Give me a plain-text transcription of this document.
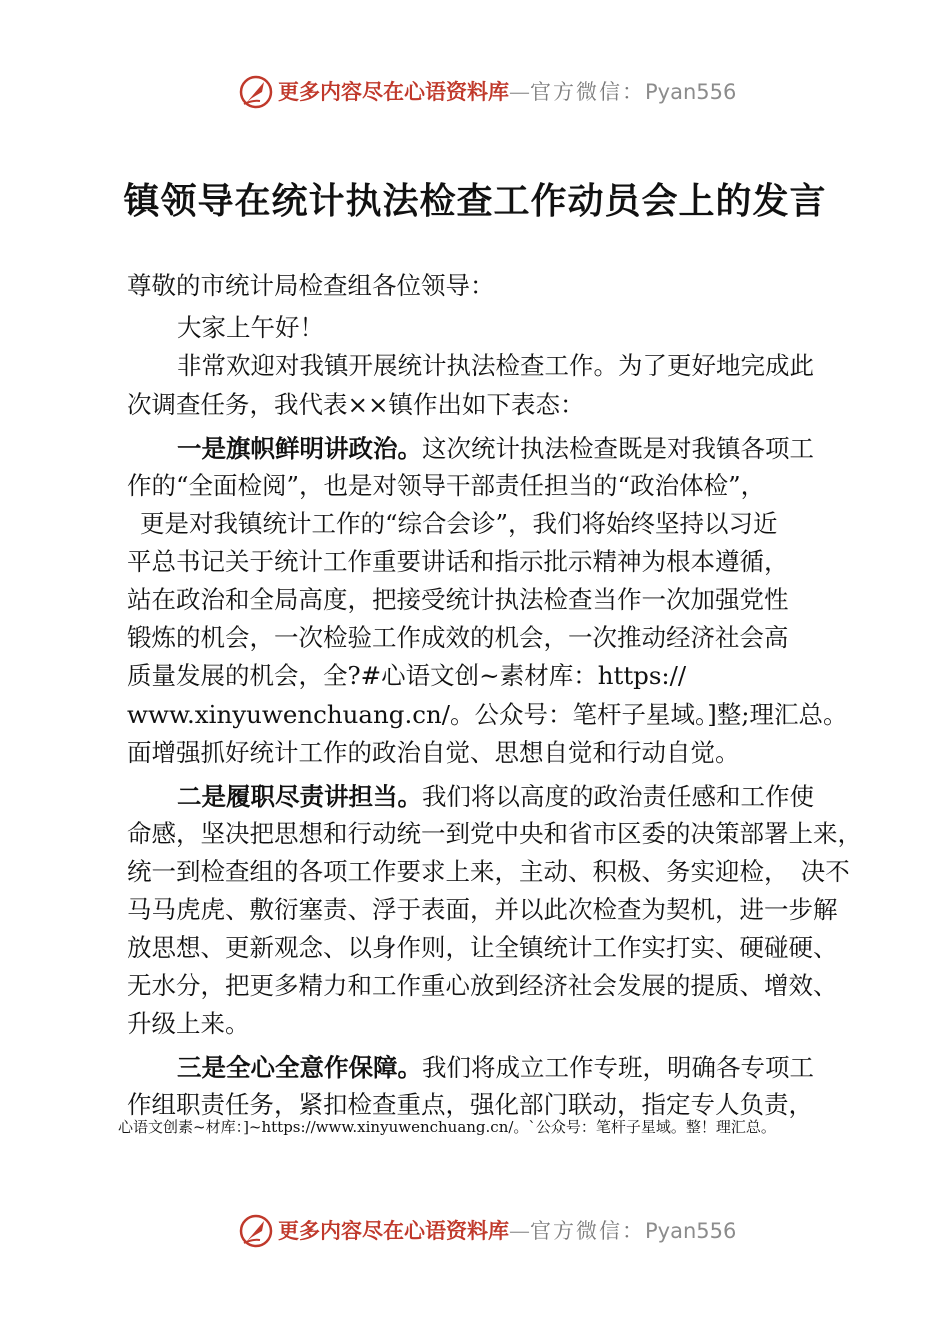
更多内容尽在心语资料库—官方微信：Pyan556
镇领导在统计执法检查工作动员会上的发言
尊敬的市统计局检查组各位领导：
大家上午好！
非常欢迎对我镇开展统计执法检查工作。为了更好地完成此
次调查任务，我代表××镇作出如下表态：
一是旗帜鲜明讲政治。这次统计执法检查既是对我镇各项工
作的“全面检阅”，也是对领导干部责任担当的“政治体检”，
更是对我镇统计工作的“综合会诊”，我们将始终坚持以习近
平总书记关于统计工作重要讲话和指示批示精神为根本遵循，
站在政治和全局高度，把接受统计执法检查当作一次加强党性
锻炼的机会，一次检验工作成效的机会，一次推动经济社会高
质量发展的机会，全?#心语文创~素材库：https://
www.xinyuwenchuang.cn/。公众号：笔杆子星域。]整;理汇总。
面增强抓好统计工作的政治自觉、思想自觉和行动自觉。
二是履职尽责讲担当。我们将以高度的政治责任感和工作使
命感，坚决把思想和行动统一到党中央和省市区委的决策部署上来，
统一到检查组的各项工作要求上来，主动、积极、务实迎检，　决不
马马虎虎、敷衍塞责、浮于表面，并以此次检查为契机，进一步解
放思想、更新观念、以身作则，让全镇统计工作实打实、硬碰硬、
无水分，把更多精力和工作重心放到经济社会发展的提质、增效、
升级上来。
三是全心全意作保障。我们将成立工作专班，明确各专项工
作组职责任务，紧扣检查重点，强化部门联动，指定专人负责，
心语文创素~材库：]~https://www.xinyuwenchuang.cn/。`公众号：笔杆子星域。整！理汇总。
更多内容尽在心语资料库—官方微信：Pyan556
